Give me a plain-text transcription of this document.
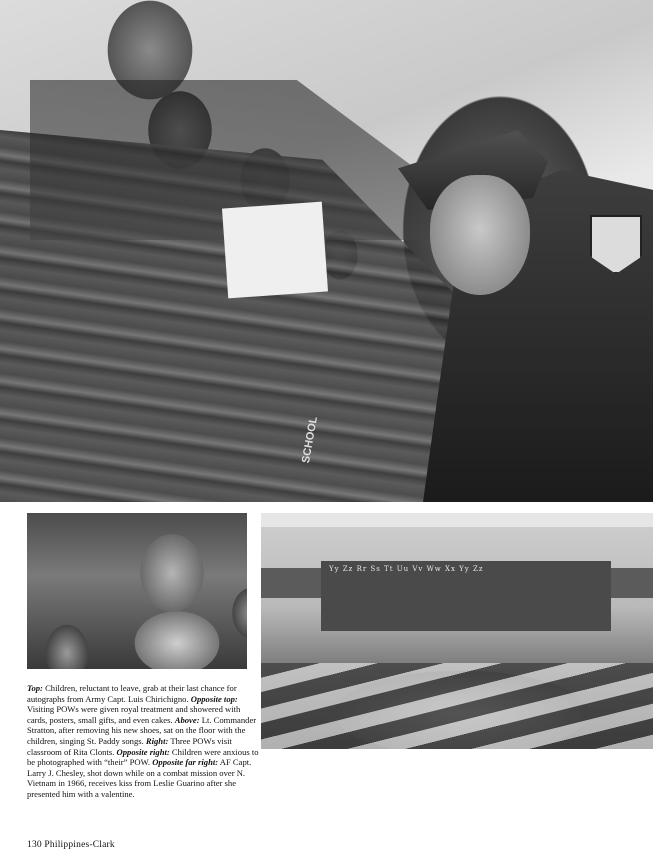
SCHOOL
Yy Zz Rr Ss Tt Uu Vv Ww Xx Yy Zz
Top: Children, reluctant to leave, grab at their last chance for autographs from Army Capt. Luis Chirichigno. Opposite top: Visiting POWs were given royal treatment and showered with cards, posters, small gifts, and even cakes. Above: Lt. Commander Stratton, after removing his new shoes, sat on the floor with the children, singing St. Paddy songs. Right: Three POWs visit classroom of Rita Clonts. Opposite right: Children were anxious to be photographed with “their” POW. Opposite far right: AF Capt. Larry J. Chesley, shot down while on a combat mission over N. Vietnam in 1966, receives kiss from Leslie Guarino after she presented him with a valentine.
130 Philippines-Clark
